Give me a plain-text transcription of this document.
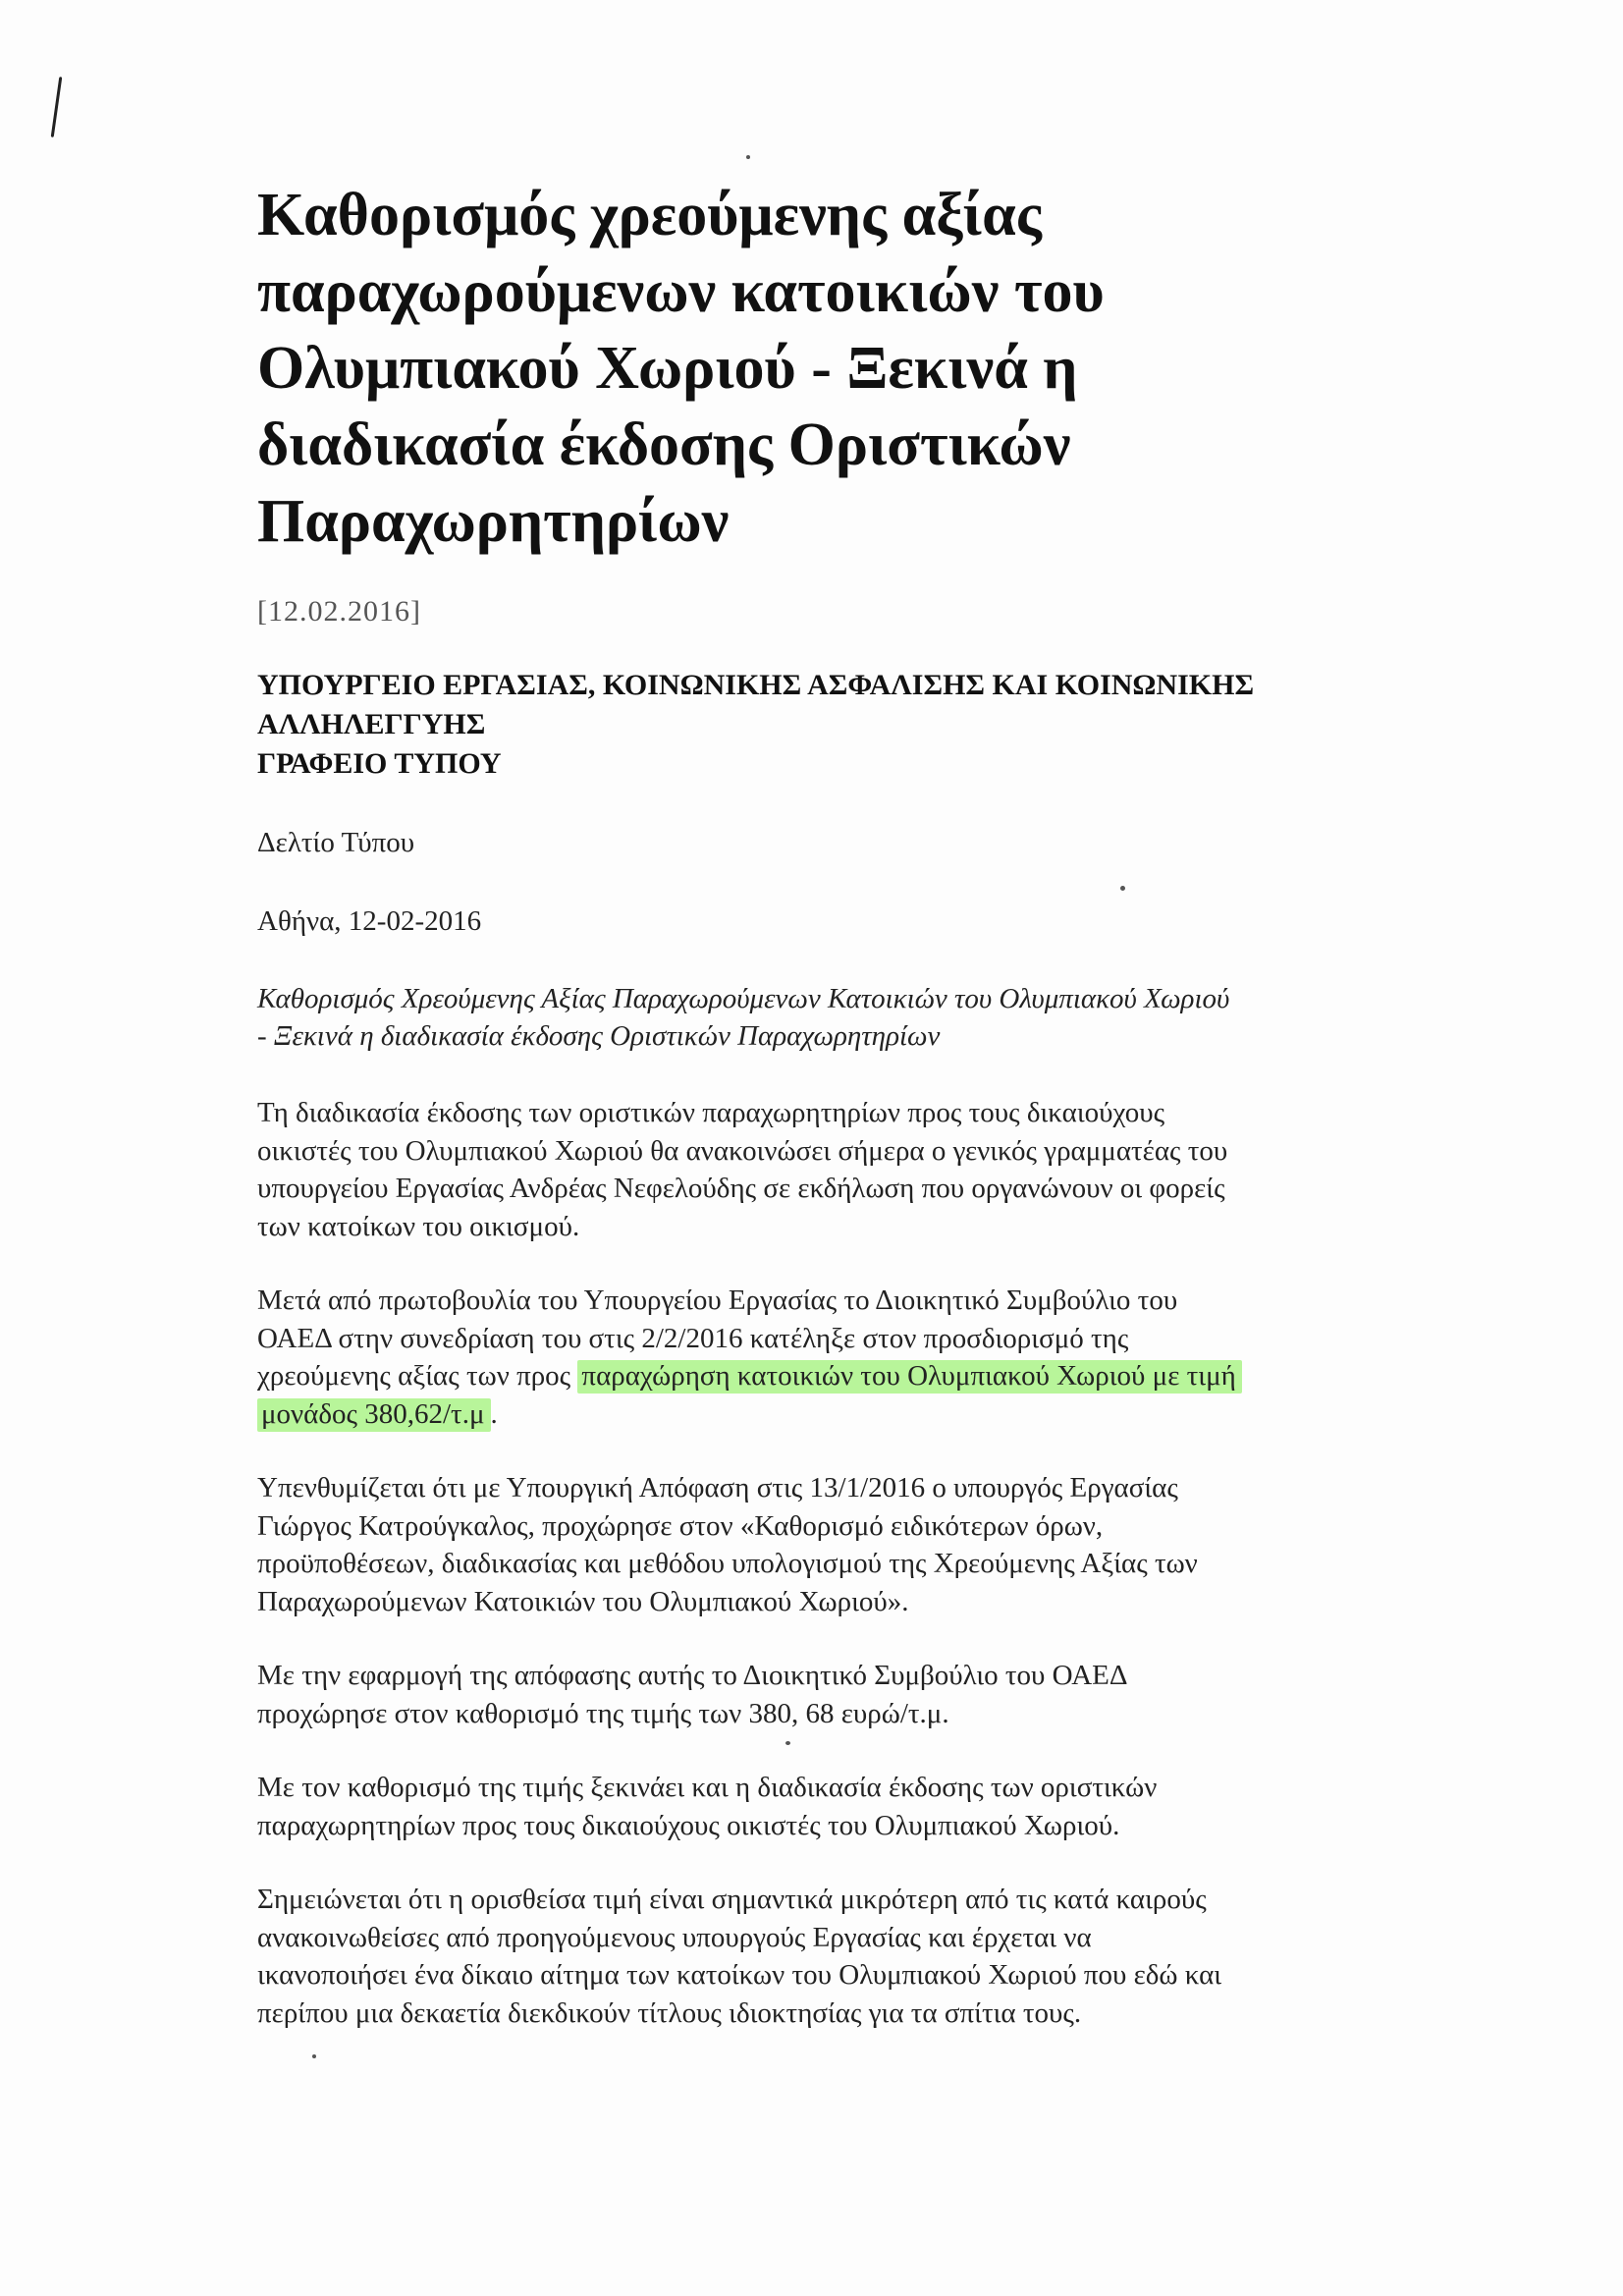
Καθορισμός χρεούμενης αξίας
παραχωρούμενων κατοικιών του
Ολυμπιακού Χωριού - Ξεκινά η
διαδικασία έκδοσης Οριστικών
Παραχωρητηρίων
[12.02.2016]
ΥΠΟΥΡΓΕΙΟ ΕΡΓΑΣΙΑΣ, ΚΟΙΝΩΝΙΚΗΣ ΑΣΦΑΛΙΣΗΣ ΚΑΙ ΚΟΙΝΩΝΙΚΗΣ
ΑΛΛΗΛΕΓΓΥΗΣ
ΓΡΑΦΕΙΟ ΤΥΠΟΥ
Δελτίο Τύπου
Αθήνα, 12-02-2016
Καθορισμός Χρεούμενης Αξίας Παραχωρούμενων Κατοικιών του Ολυμπιακού Χωριού
- Ξεκινά η διαδικασία έκδοσης Οριστικών Παραχωρητηρίων
Τη διαδικασία έκδοσης των οριστικών παραχωρητηρίων προς τους δικαιούχους
οικιστές του Ολυμπιακού Χωριού θα ανακοινώσει σήμερα ο γενικός γραμματέας του
υπουργείου Εργασίας Ανδρέας Νεφελούδης σε εκδήλωση που οργανώνουν οι φορείς
των κατοίκων του οικισμού.
Μετά από πρωτοβουλία του Υπουργείου Εργασίας το Διοικητικό Συμβούλιο του
ΟΑΕΔ στην συνεδρίαση του στις 2/2/2016 κατέληξε στον προσδιορισμό της
χρεούμενης αξίας των προς παραχώρηση κατοικιών του Ολυμπιακού Χωριού με τιμή
μονάδος 380,62/τ.μ .
Υπενθυμίζεται ότι με Υπουργική Απόφαση στις 13/1/2016 ο υπουργός Εργασίας
Γιώργος Κατρούγκαλος, προχώρησε στον «Καθορισμό ειδικότερων όρων,
προϋποθέσεων, διαδικασίας και μεθόδου υπολογισμού της Χρεούμενης Αξίας των
Παραχωρούμενων Κατοικιών του Ολυμπιακού Χωριού».
Με την εφαρμογή της απόφασης αυτής το Διοικητικό Συμβούλιο του ΟΑΕΔ
προχώρησε στον καθορισμό της τιμής των 380, 68 ευρώ/τ.μ.
Με τον καθορισμό της τιμής ξεκινάει και η διαδικασία έκδοσης των οριστικών
παραχωρητηρίων προς τους δικαιούχους οικιστές του Ολυμπιακού Χωριού.
Σημειώνεται ότι η ορισθείσα τιμή είναι σημαντικά μικρότερη από τις κατά καιρούς
ανακοινωθείσες από προηγούμενους υπουργούς Εργασίας και έρχεται να
ικανοποιήσει ένα δίκαιο αίτημα των κατοίκων του Ολυμπιακού Χωριού που εδώ και
περίπου μια δεκαετία διεκδικούν τίτλους ιδιοκτησίας για τα σπίτια τους.
